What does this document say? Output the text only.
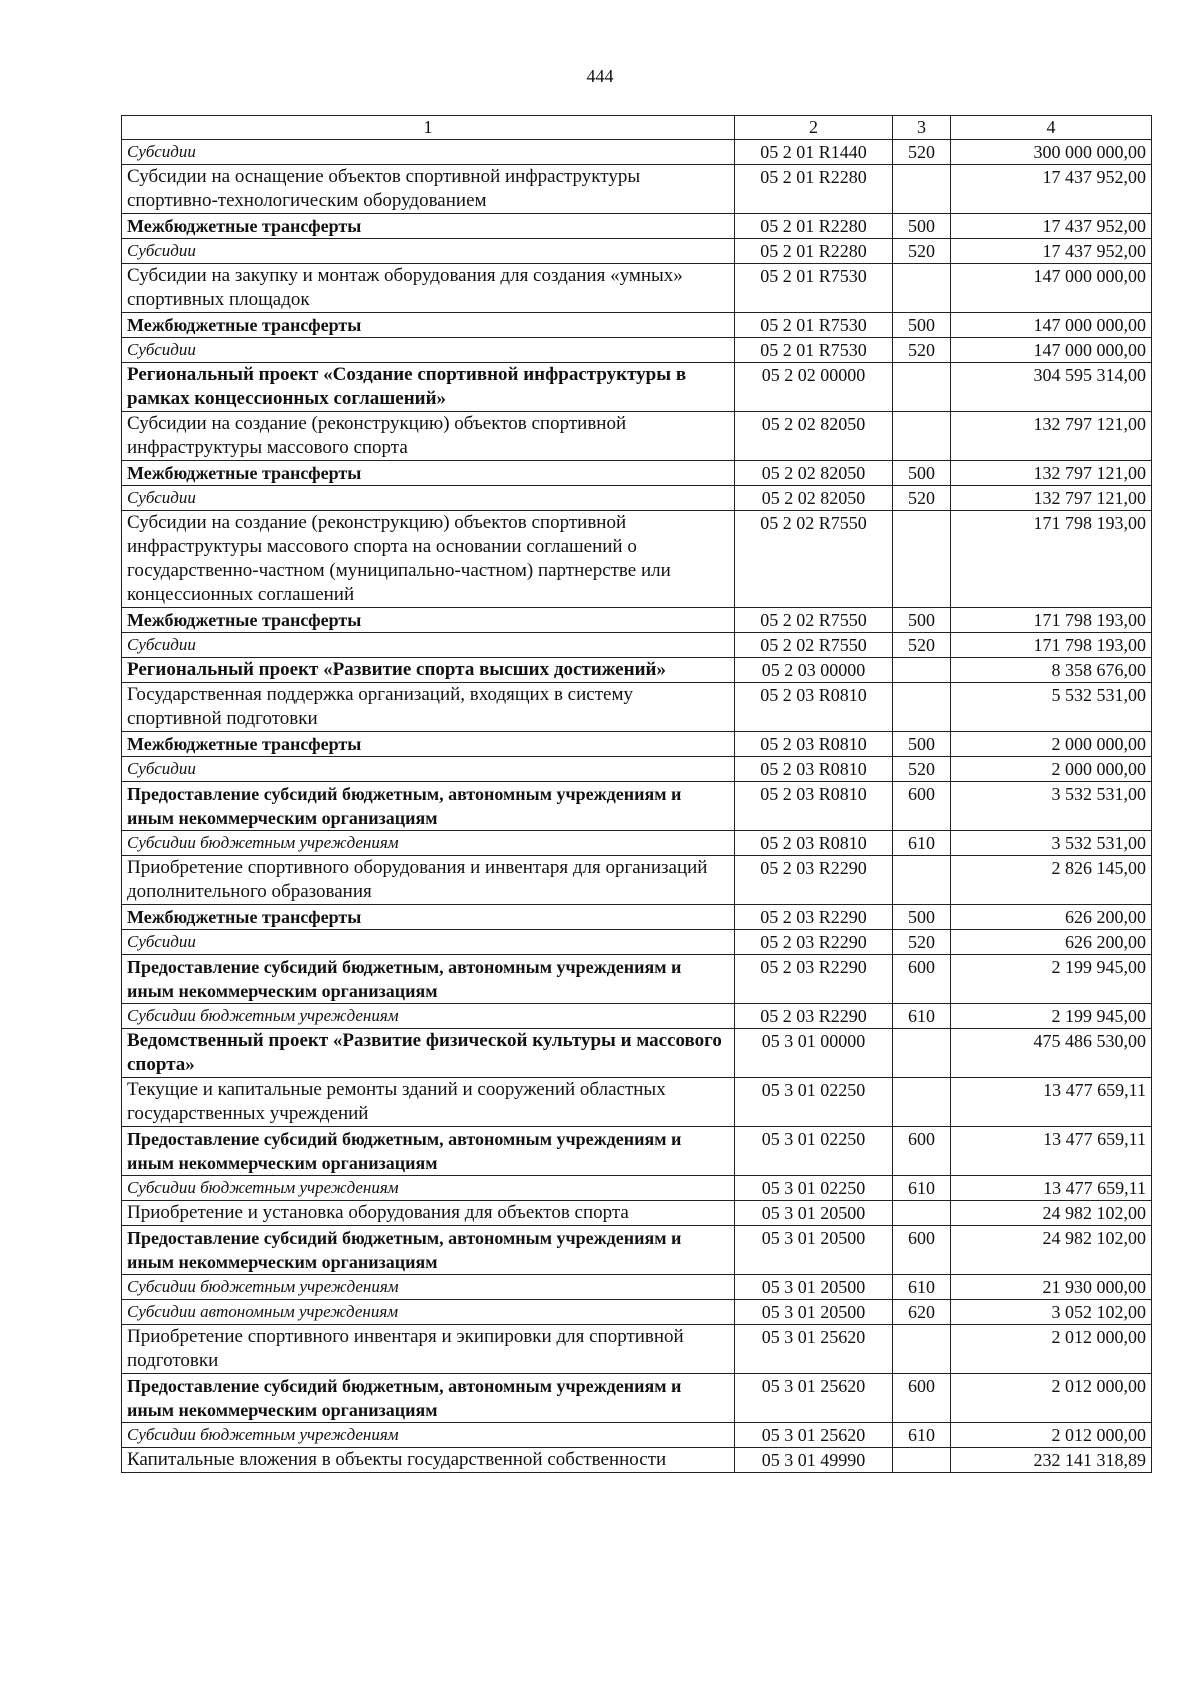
444
1	2	3	4
Субсидии	05 2 01 R1440	520	300 000 000,00
Субсидии на оснащение объектов спортивной инфраструктуры спортивно-технологическим оборудованием	05 2 01 R2280		17 437 952,00
Межбюджетные трансферты	05 2 01 R2280	500	17 437 952,00
Субсидии	05 2 01 R2280	520	17 437 952,00
Субсидии на закупку и монтаж оборудования для создания «умных» спортивных площадок	05 2 01 R7530		147 000 000,00
Межбюджетные трансферты	05 2 01 R7530	500	147 000 000,00
Субсидии	05 2 01 R7530	520	147 000 000,00
Региональный проект «Создание спортивной инфраструктуры в рамках концессионных соглашений»	05 2 02 00000		304 595 314,00
Субсидии на создание (реконструкцию) объектов спортивной инфраструктуры массового спорта	05 2 02 82050		132 797 121,00
Межбюджетные трансферты	05 2 02 82050	500	132 797 121,00
Субсидии	05 2 02 82050	520	132 797 121,00
Субсидии на создание (реконструкцию) объектов спортивной инфраструктуры массового спорта на основании соглашений о государственно-частном (муниципально-частном) партнерстве или концессионных соглашений	05 2 02 R7550		171 798 193,00
Межбюджетные трансферты	05 2 02 R7550	500	171 798 193,00
Субсидии	05 2 02 R7550	520	171 798 193,00
Региональный проект «Развитие спорта высших достижений»	05 2 03 00000		8 358 676,00
Государственная поддержка организаций, входящих в систему спортивной подготовки	05 2 03 R0810		5 532 531,00
Межбюджетные трансферты	05 2 03 R0810	500	2 000 000,00
Субсидии	05 2 03 R0810	520	2 000 000,00
Предоставление субсидий бюджетным, автономным учреждениям и иным некоммерческим организациям	05 2 03 R0810	600	3 532 531,00
Субсидии бюджетным учреждениям	05 2 03 R0810	610	3 532 531,00
Приобретение спортивного оборудования и инвентаря для организаций дополнительного образования	05 2 03 R2290		2 826 145,00
Межбюджетные трансферты	05 2 03 R2290	500	626 200,00
Субсидии	05 2 03 R2290	520	626 200,00
Предоставление субсидий бюджетным, автономным учреждениям и иным некоммерческим организациям	05 2 03 R2290	600	2 199 945,00
Субсидии бюджетным учреждениям	05 2 03 R2290	610	2 199 945,00
Ведомственный проект «Развитие физической культуры и массового спорта»	05 3 01 00000		475 486 530,00
Текущие и капитальные ремонты зданий и сооружений областных государственных учреждений	05 3 01 02250		13 477 659,11
Предоставление субсидий бюджетным, автономным учреждениям и иным некоммерческим организациям	05 3 01 02250	600	13 477 659,11
Субсидии бюджетным учреждениям	05 3 01 02250	610	13 477 659,11
Приобретение и установка оборудования для объектов спорта	05 3 01 20500		24 982 102,00
Предоставление субсидий бюджетным, автономным учреждениям и иным некоммерческим организациям	05 3 01 20500	600	24 982 102,00
Субсидии бюджетным учреждениям	05 3 01 20500	610	21 930 000,00
Субсидии автономным учреждениям	05 3 01 20500	620	3 052 102,00
Приобретение спортивного инвентаря и экипировки для спортивной подготовки	05 3 01 25620		2 012 000,00
Предоставление субсидий бюджетным, автономным учреждениям и иным некоммерческим организациям	05 3 01 25620	600	2 012 000,00
Субсидии бюджетным учреждениям	05 3 01 25620	610	2 012 000,00
Капитальные вложения в объекты государственной собственности	05 3 01 49990		232 141 318,89
